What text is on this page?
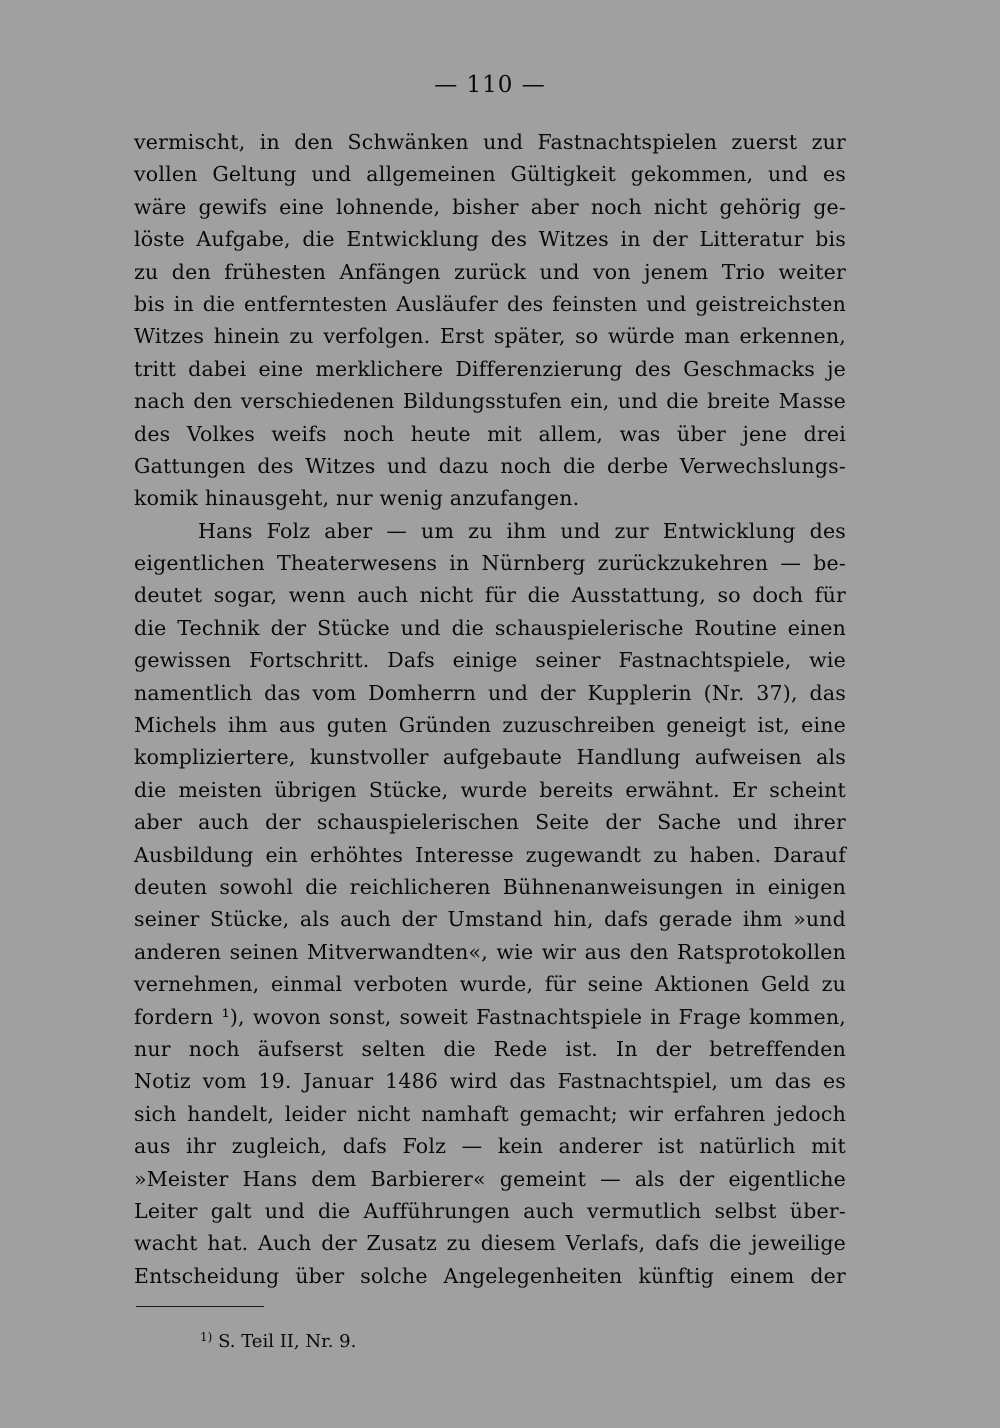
— 110 —
vermischt, in den Schwänken und Fastnachtspielen zuerst zur
vollen Geltung und allgemeinen Gültigkeit gekommen, und es
wäre gewifs eine lohnende, bisher aber noch nicht gehörig ge-
löste Aufgabe, die Entwicklung des Witzes in der Litteratur bis
zu den frühesten Anfängen zurück und von jenem Trio weiter
bis in die entferntesten Ausläufer des feinsten und geistreichsten
Witzes hinein zu verfolgen. Erst später, so würde man erkennen,
tritt dabei eine merklichere Differenzierung des Geschmacks je
nach den verschiedenen Bildungsstufen ein, und die breite Masse
des Volkes weifs noch heute mit allem, was über jene drei
Gattungen des Witzes und dazu noch die derbe Verwechslungs-
komik hinausgeht, nur wenig anzufangen.
Hans Folz aber — um zu ihm und zur Entwicklung des
eigentlichen Theaterwesens in Nürnberg zurückzukehren — be-
deutet sogar, wenn auch nicht für die Ausstattung, so doch für
die Technik der Stücke und die schauspielerische Routine einen
gewissen Fortschritt. Dafs einige seiner Fastnachtspiele, wie
namentlich das vom Domherrn und der Kupplerin (Nr. 37), das
Michels ihm aus guten Gründen zuzuschreiben geneigt ist, eine
kompliziertere, kunstvoller aufgebaute Handlung aufweisen als
die meisten übrigen Stücke, wurde bereits erwähnt. Er scheint
aber auch der schauspielerischen Seite der Sache und ihrer
Ausbildung ein erhöhtes Interesse zugewandt zu haben. Darauf
deuten sowohl die reichlicheren Bühnenanweisungen in einigen
seiner Stücke, als auch der Umstand hin, dafs gerade ihm »und
anderen seinen Mitverwandten«, wie wir aus den Ratsprotokollen
vernehmen, einmal verboten wurde, für seine Aktionen Geld zu
fordern ¹), wovon sonst, soweit Fastnachtspiele in Frage kommen,
nur noch äufserst selten die Rede ist. In der betreffenden
Notiz vom 19. Januar 1486 wird das Fastnachtspiel, um das es
sich handelt, leider nicht namhaft gemacht; wir erfahren jedoch
aus ihr zugleich, dafs Folz — kein anderer ist natürlich mit
»Meister Hans dem Barbierer« gemeint — als der eigentliche
Leiter galt und die Aufführungen auch vermutlich selbst über-
wacht hat. Auch der Zusatz zu diesem Verlafs, dafs die jeweilige
Entscheidung über solche Angelegenheiten künftig einem der
$^{1)}$ S. Teil II, Nr. 9.
